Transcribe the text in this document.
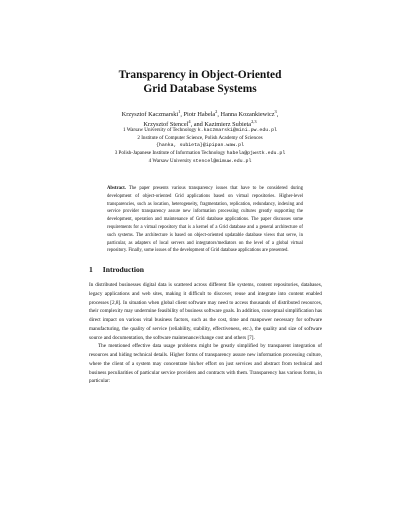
Transparency in Object-Oriented
Grid Database Systems
Krzysztof Kaczmarski$^1$, Piotr Habela$^2$, Hanna Kozankiewicz$^3$,
Krzysztof Stencel$^4$, and Kazimierz Subieta$^{2,3}$
1 Warsaw University of Technology k.kaczmarski@mini.pw.edu.pl
2 Institute of Computer Science, Polish Academy of Sciences
{hanka, subieta}@ipipan.waw.pl
3 Polish-Japanese Institute of Information Technology habela@pjwstk.edu.pl
4 Warsaw University stencel@mimuw.edu.pl
Abstract. The paper presents various transparency issues that have to be considered during development of object-oriented Grid applications based on virtual repositories. Higher-level transparencies, such as location, heterogeneity, fragmentation, replication, redundancy, indexing and service provider transparency assure new information processing cultures greatly supporting the development, operation and maintenance of Grid database applications. The paper discusses some requirements for a virtual repository that is a kernel of a Grid database and a general architecture of such systems. The architecture is based on object-oriented updatable database views that serve, in particular, as adapters of local servers and integrators/mediators on the level of a global virtual repository. Finally, some issues of the development of Grid database applications are presented.
1 Introduction

In distributed businesses digital data is scattered across different file systems, content repositories, databases, legacy applications and web sites, making it difficult to discover, reuse and integrate into content enabled processes [2,8]. In situation when global client software may need to access thousands of distributed resources, their complexity may undermine feasibility of business software goals. In addition, conceptual simplification has direct impact on various vital business factors, such as the cost, time and manpower necessary for software manufacturing, the quality of service (reliability, stability, effectiveness, etc.), the quality and size of software source and documentation, the software maintenance/change cost and others [7].

The mentioned effective data usage problems might be greatly simplified by transparent integration of resources and hiding technical details. Higher forms of transparency assure new information processing culture, where the client of a system may concentrate his/her effort on just services and abstract from technical and business peculiarities of particular service providers and contracts with them. Transparency has various forms, in particular:
